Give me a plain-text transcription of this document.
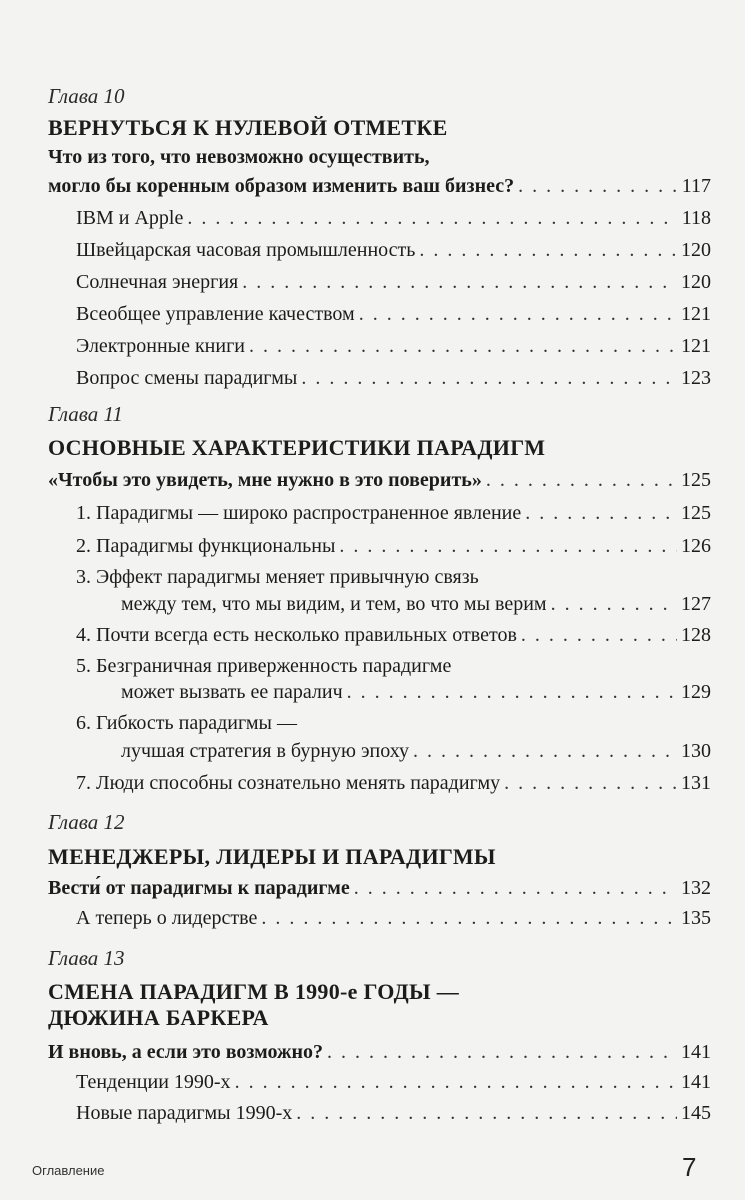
Глава 10
ВЕРНУТЬСЯ К НУЛЕВОЙ ОТМЕТКЕ
Что из того, что невозможно осуществить,
могло бы коренным образом изменить ваш бизнес? . . .	117
IBM и Apple . . .	118
Швейцарская часовая промышленность . . .	120
Солнечная энергия . . .	120
Всеобщее управление качеством . . .	121
Электронные книги . . .	121
Вопрос смены парадигмы . . .	123
Глава 11
ОСНОВНЫЕ ХАРАКТЕРИСТИКИ ПАРАДИГМ
«Чтобы это увидеть, мне нужно в это поверить» . . .	125
1. Парадигмы — широко распространенное явление . . .	125
2. Парадигмы функциональны . . .	126
3. Эффект парадигмы меняет привычную связь
между тем, что мы видим, и тем, во что мы верим . . .	127
4. Почти всегда есть несколько правильных ответов . . .	128
5. Безграничная приверженность парадигме
может вызвать ее паралич . . .	129
6. Гибкость парадигмы —
лучшая стратегия в бурную эпоху . . .	130
7. Люди способны сознательно менять парадигму . . .	131
Глава 12
МЕНЕДЖЕРЫ, ЛИДЕРЫ И ПАРАДИГМЫ
Вести́ от парадигмы к парадигме . . .	132
А теперь о лидерстве . . .	135
Глава 13
СМЕНА ПАРАДИГМ В 1990-е ГОДЫ —
ДЮЖИНА БАРКЕРА
И вновь, а если это возможно? . . .	141
Тенденции 1990-х . . .	141
Новые парадигмы 1990-х . . .	145
Оглавление	7
